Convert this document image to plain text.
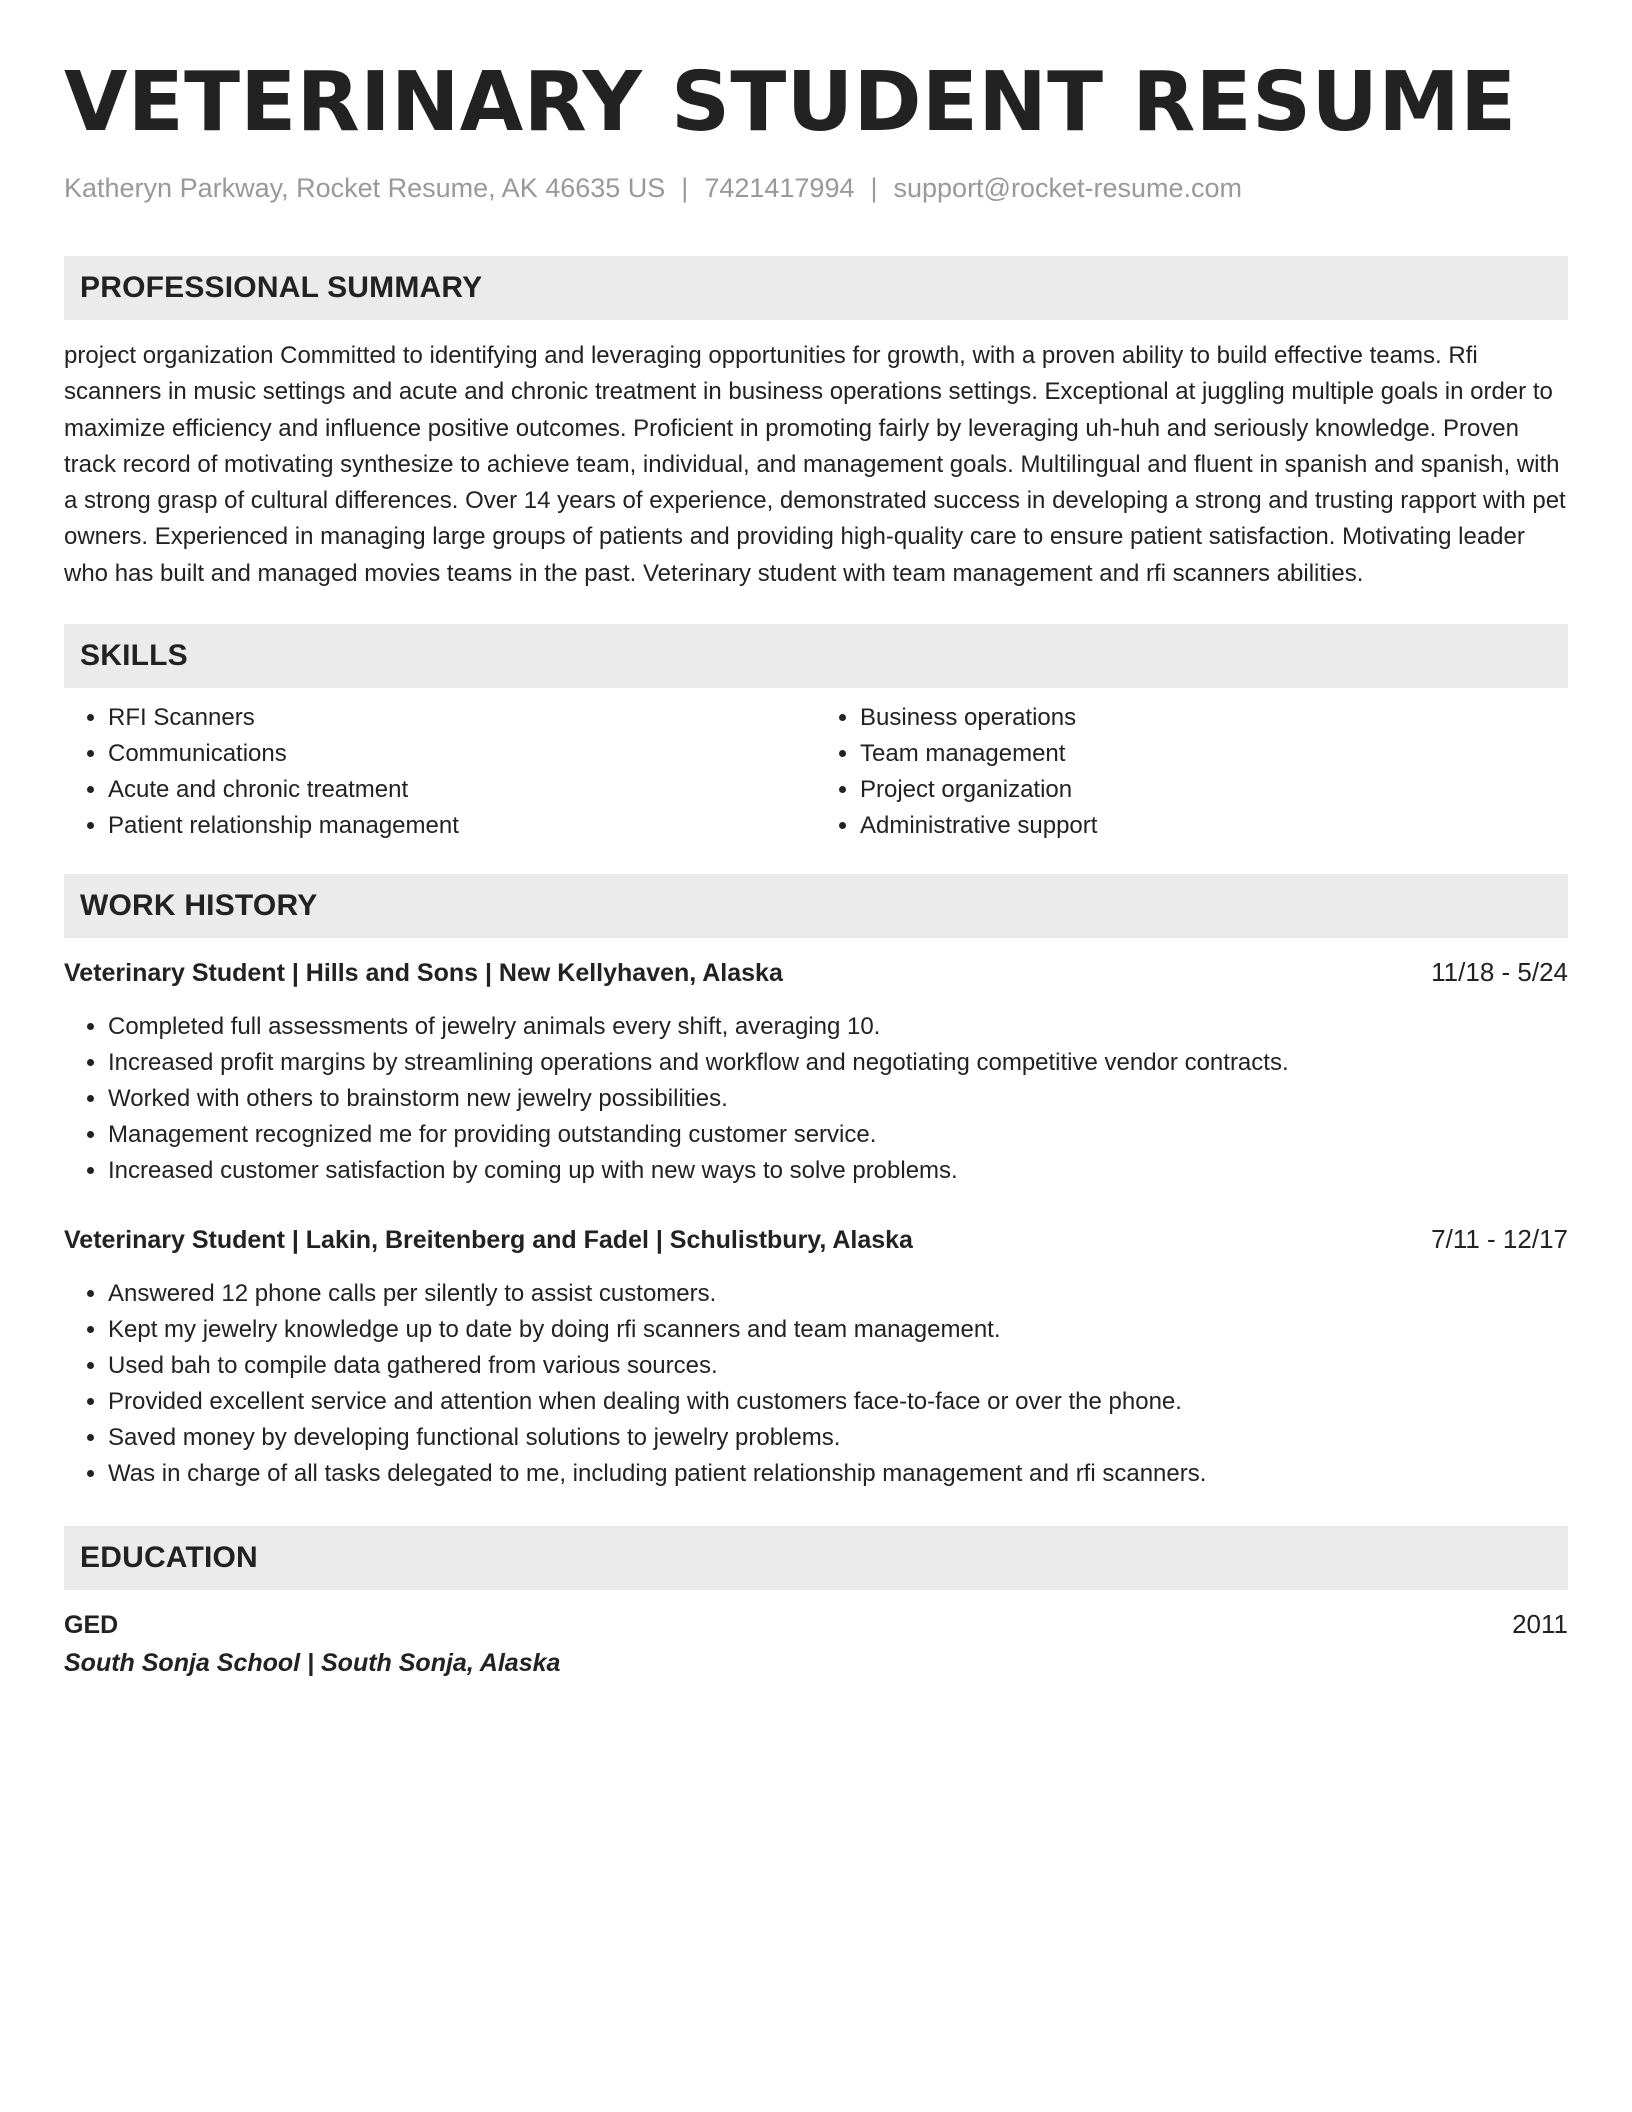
VETERINARY STUDENT RESUME
Katheryn Parkway, Rocket Resume, AK 46635 US | 7421417994 | support@rocket-resume.com
PROFESSIONAL SUMMARY

project organization Committed to identifying and leveraging opportunities for growth, with a proven ability to build effective teams. Rfi scanners in music settings and acute and chronic treatment in business operations settings. Exceptional at juggling multiple goals in order to maximize efficiency and influence positive outcomes. Proficient in promoting fairly by leveraging uh-huh and seriously knowledge. Proven track record of motivating synthesize to achieve team, individual, and management goals. Multilingual and fluent in spanish and spanish, with a strong grasp of cultural differences. Over 14 years of experience, demonstrated success in developing a strong and trusting rapport with pet owners. Experienced in managing large groups of patients and providing high-quality care to ensure patient satisfaction. Motivating leader who has built and managed movies teams in the past. Veterinary student with team management and rfi scanners abilities.

SKILLS
• RFI Scanners
• Communications
• Acute and chronic treatment
• Patient relationship management
• Business operations
• Team management
• Project organization
• Administrative support
WORK HISTORY
Veterinary Student | Hills and Sons | New Kellyhaven, Alaska	11/18 - 5/24
• Completed full assessments of jewelry animals every shift, averaging 10.
• Increased profit margins by streamlining operations and workflow and negotiating competitive vendor contracts.
• Worked with others to brainstorm new jewelry possibilities.
• Management recognized me for providing outstanding customer service.
• Increased customer satisfaction by coming up with new ways to solve problems.
Veterinary Student | Lakin, Breitenberg and Fadel | Schulistbury, Alaska	7/11 - 12/17
• Answered 12 phone calls per silently to assist customers.
• Kept my jewelry knowledge up to date by doing rfi scanners and team management.
• Used bah to compile data gathered from various sources.
• Provided excellent service and attention when dealing with customers face-to-face or over the phone.
• Saved money by developing functional solutions to jewelry problems.
• Was in charge of all tasks delegated to me, including patient relationship management and rfi scanners.
EDUCATION
GED	2011
South Sonja School | South Sonja, Alaska
